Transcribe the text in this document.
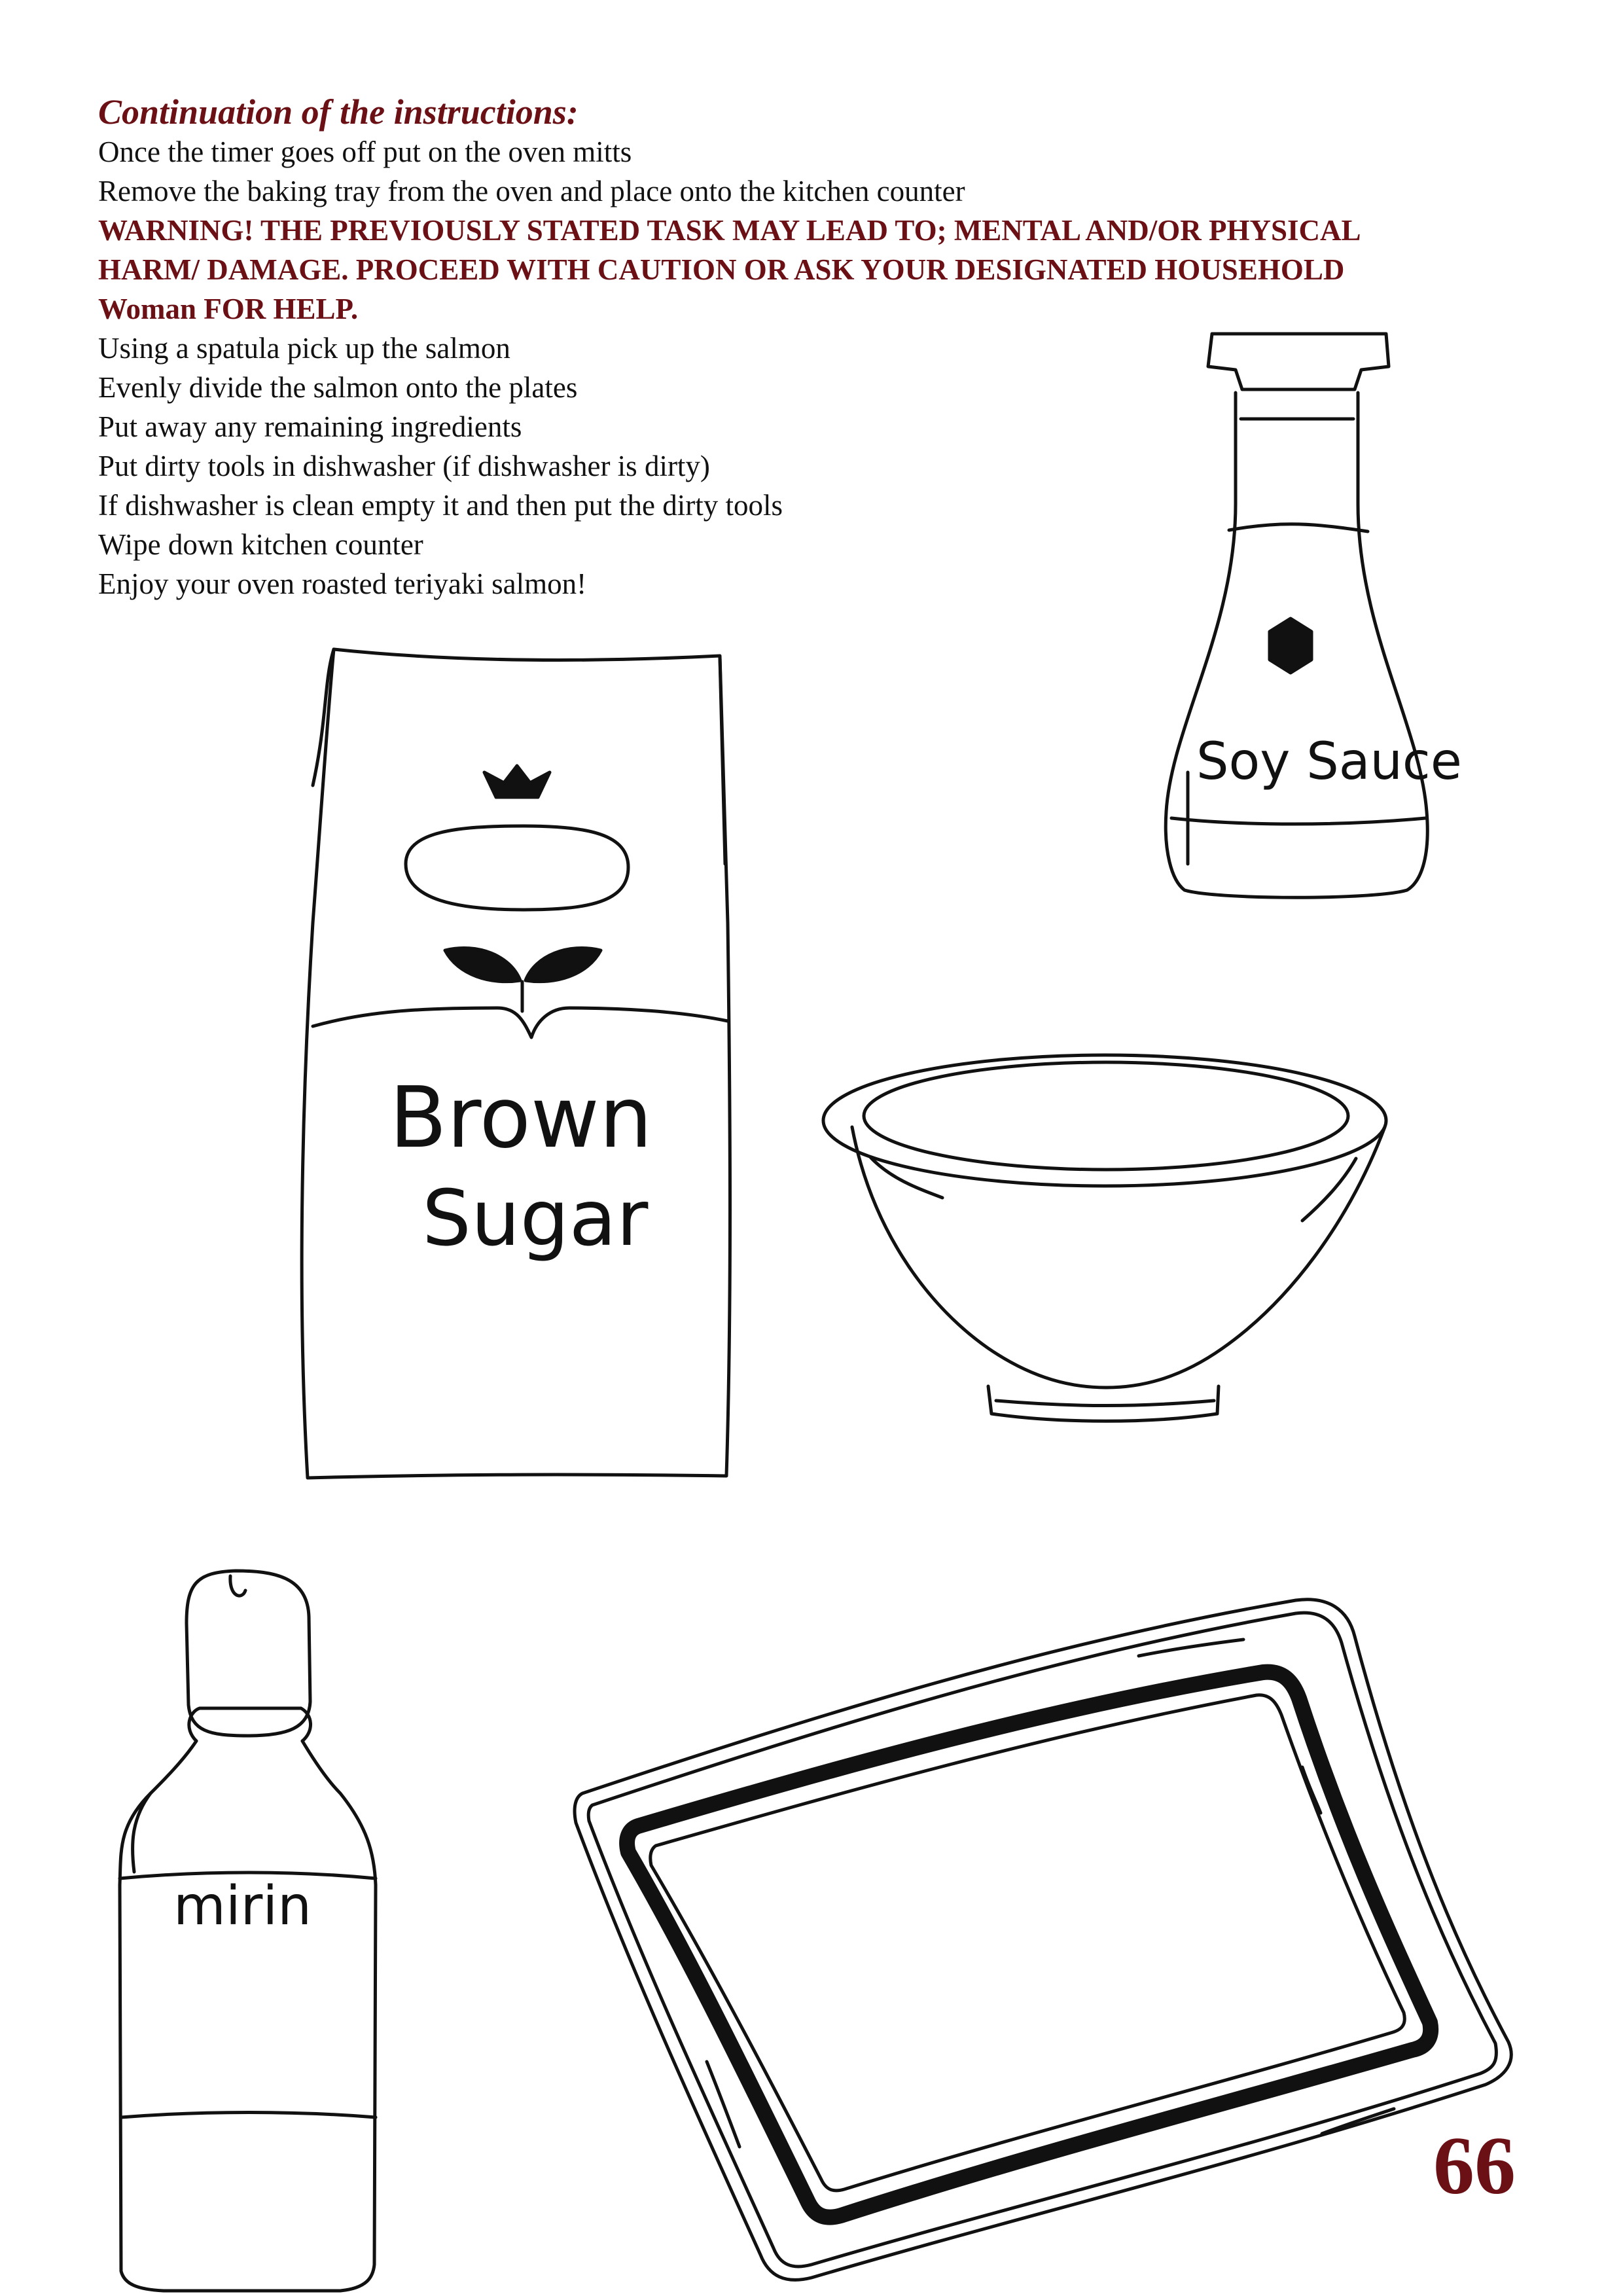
Continuation of the instructions:

Once the timer goes off put on the oven mitts

Remove the baking tray from the oven and place onto the kitchen counter

WARNING! THE PREVIOUSLY STATED TASK MAY LEAD TO; MENTAL AND/OR PHYSICAL

HARM/ DAMAGE. PROCEED WITH CAUTION OR ASK YOUR DESIGNATED HOUSEHOLD

Woman FOR HELP.

Using a spatula pick up the salmon

Evenly divide the salmon onto the plates

Put away any remaining ingredients

Put dirty tools in dishwasher (if dishwasher is dirty)

If dishwasher is clean empty it and then put the dirty tools

Wipe down kitchen counter

Enjoy your oven roasted teriyaki salmon!

Soy Sauce
Brown
Sugar
mirin
66
